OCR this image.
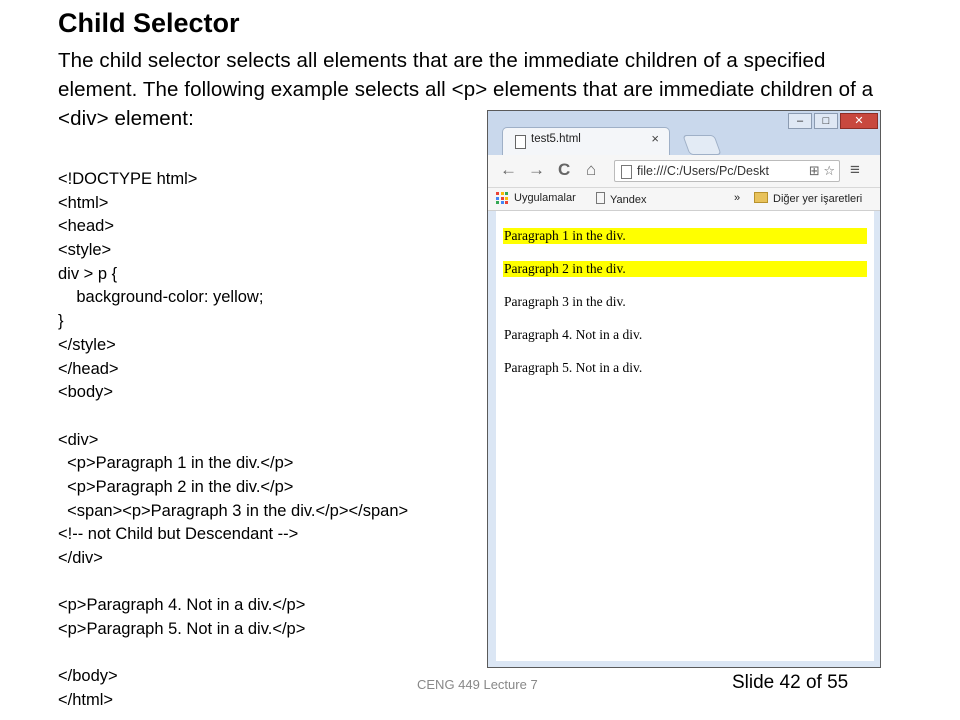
Child Selector
The child selector selects all elements that are the immediate children of a specified element. The following example selects all <p> elements that are immediate children of a <div> element:
<!DOCTYPE html>
<html>
<head>
<style>
div > p {
background-color: yellow;
}
</style>
</head>
<body>
<div>
<p>Paragraph 1 in the div.</p>
<p>Paragraph 2 in the div.</p>
<span><p>Paragraph 3 in the div.</p></span>
<!-- not Child but Descendant -->
</div>
<p>Paragraph 4. Not in a div.</p>
<p>Paragraph 5. Not in a div.</p>
</body>
</html>
test5.html	×
–	□	✕
← → C ⌂	file:///C:/Users/Pc/Deskt	⊞ ☆ ≡
Uygulamalar	Yandex	»	Diğer yer işaretleri
Paragraph 1 in the div.
Paragraph 2 in the div.
Paragraph 3 in the div.
Paragraph 4. Not in a div.
Paragraph 5. Not in a div.
CENG 449 Lecture 7	Slide 42 of 55
